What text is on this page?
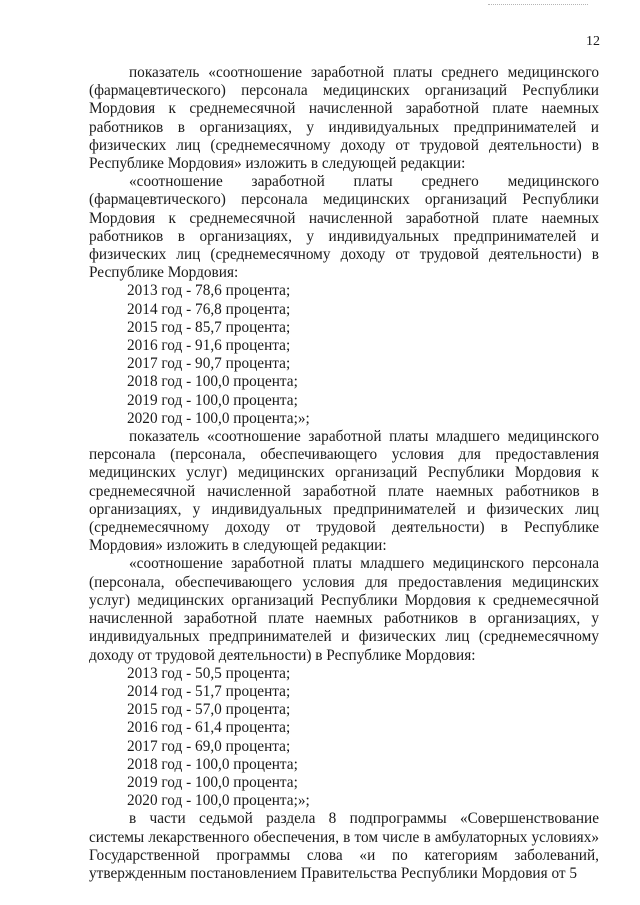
12

показатель «соотношение заработной платы среднего медицинского (фармацевтического) персонала медицинских организаций Республики Мордовия к среднемесячной начисленной заработной плате наемных работников в организациях, у индивидуальных предпринимателей и физических лиц (среднемесячному доходу от трудовой деятельности) в Республике Мордовия» изложить в следующей редакции:

«соотношение заработной платы среднего медицинского (фармацевтического) персонала медицинских организаций Республики Мордовия к среднемесячной начисленной заработной плате наемных работников в организациях, у индивидуальных предпринимателей и физических лиц (среднемесячному доходу от трудовой деятельности) в Республике Мордовия:

2013 год - 78,6 процента;

2014 год - 76,8 процента;

2015 год - 85,7 процента;

2016 год - 91,6 процента;

2017 год - 90,7 процента;

2018 год - 100,0 процента;

2019 год - 100,0 процента;

2020 год - 100,0 процента;»;

показатель «соотношение заработной платы младшего медицинского персонала (персонала, обеспечивающего условия для предоставления медицинских услуг) медицинских организаций Республики Мордовия к среднемесячной начисленной заработной плате наемных работников в организациях, у индивидуальных предпринимателей и физических лиц (среднемесячному доходу от трудовой деятельности) в Республике Мордовия» изложить в следующей редакции:

«соотношение заработной платы младшего медицинского персонала (персонала, обеспечивающего условия для предоставления медицинских услуг) медицинских организаций Республики Мордовия к среднемесячной начисленной заработной плате наемных работников в организациях, у индивидуальных предпринимателей и физических лиц (среднемесячному доходу от трудовой деятельности) в Республике Мордовия:

2013 год - 50,5 процента;

2014 год - 51,7 процента;

2015 год - 57,0 процента;

2016 год - 61,4 процента;

2017 год - 69,0 процента;

2018 год - 100,0 процента;

2019 год - 100,0 процента;

2020 год - 100,0 процента;»;

в части седьмой раздела 8 подпрограммы «Совершенствование системы лекарственного обеспечения, в том числе в амбулаторных условиях» Государственной программы слова «и по категориям заболеваний, утвержденным постановлением Правительства Республики Мордовия от 5
